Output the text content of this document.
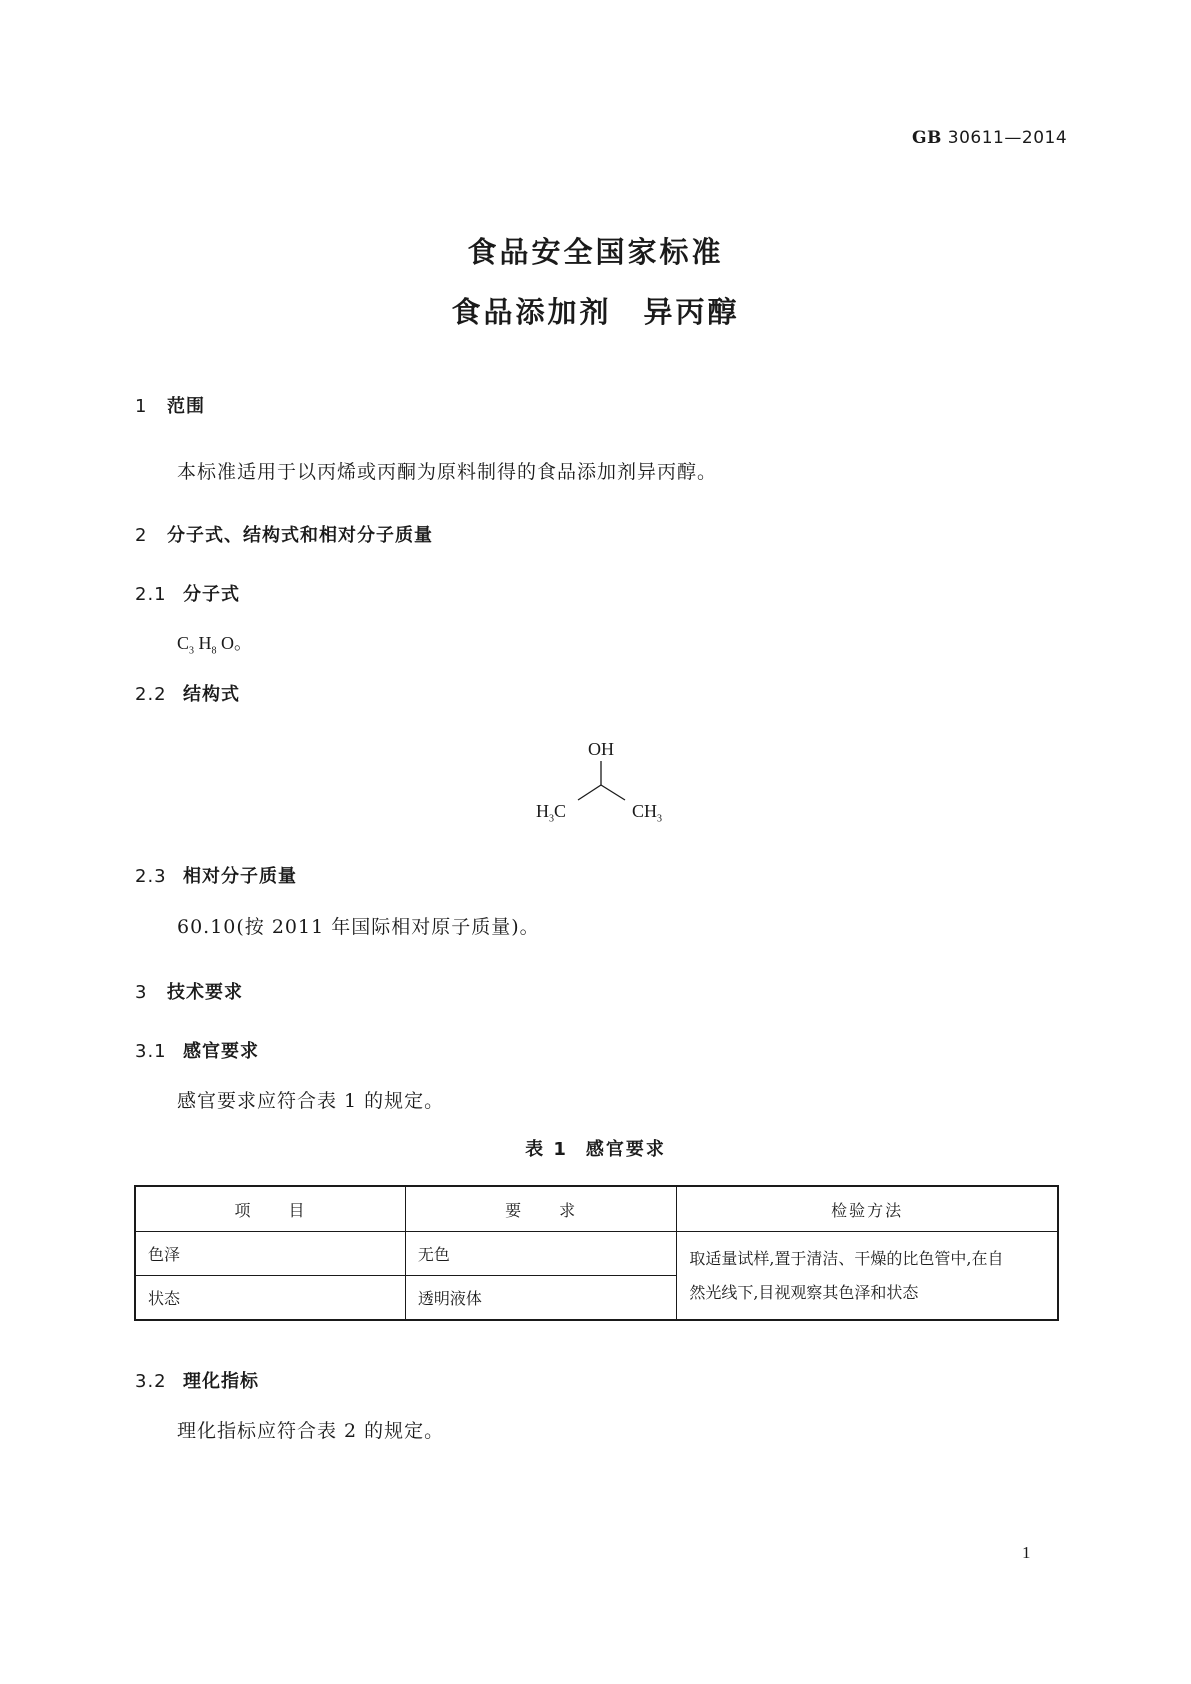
GB 30611—2014
食品安全国家标准
食品添加剂　异丙醇
1 范围
本标准适用于以丙烯或丙酮为原料制得的食品添加剂异丙醇。
2 分子式、结构式和相对分子质量
2.1 分子式
$C_3$ $H_8$ O。
2.2 结构式
OH
$H_3C$	$CH_3$
2.3 相对分子质量
60.10(按 2011 年国际相对原子质量)。
3 技术要求
3.1 感官要求
感官要求应符合表 1 的规定。
表 1 感官要求
项　　目	要　　求	检验方法
色泽	无色	取适量试样,置于清洁、干燥的比色管中,在自
然光线下,目视观察其色泽和状态
状态	透明液体	
3.2 理化指标
理化指标应符合表 2 的规定。
1
